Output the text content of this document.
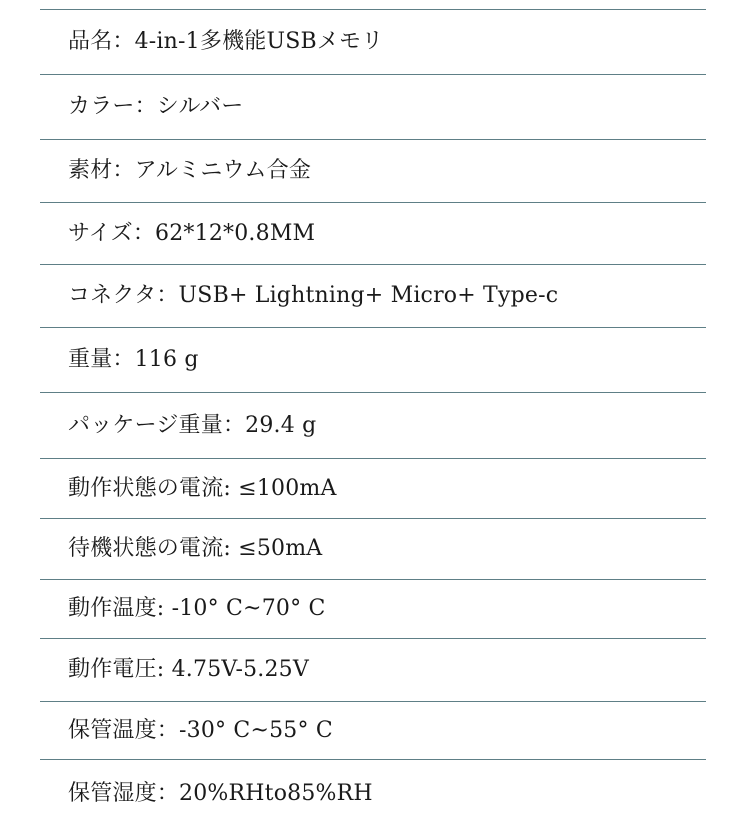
品名：4-in-1多機能USBメモリ
カラー：シルバー
素材：アルミニウム合金
サイズ：62*12*0.8MM
コネクタ：USB+ Lightning+ Micro+ Type-c
重量：116 g
パッケージ重量：29.4 g
動作状態の電流: ≤100mA
待機状態の電流: ≤50mA
動作温度: -10° C~70° C
動作電圧: 4.75V-5.25V
保管温度：-30° C~55° C
保管湿度：20%RHto85%RH
